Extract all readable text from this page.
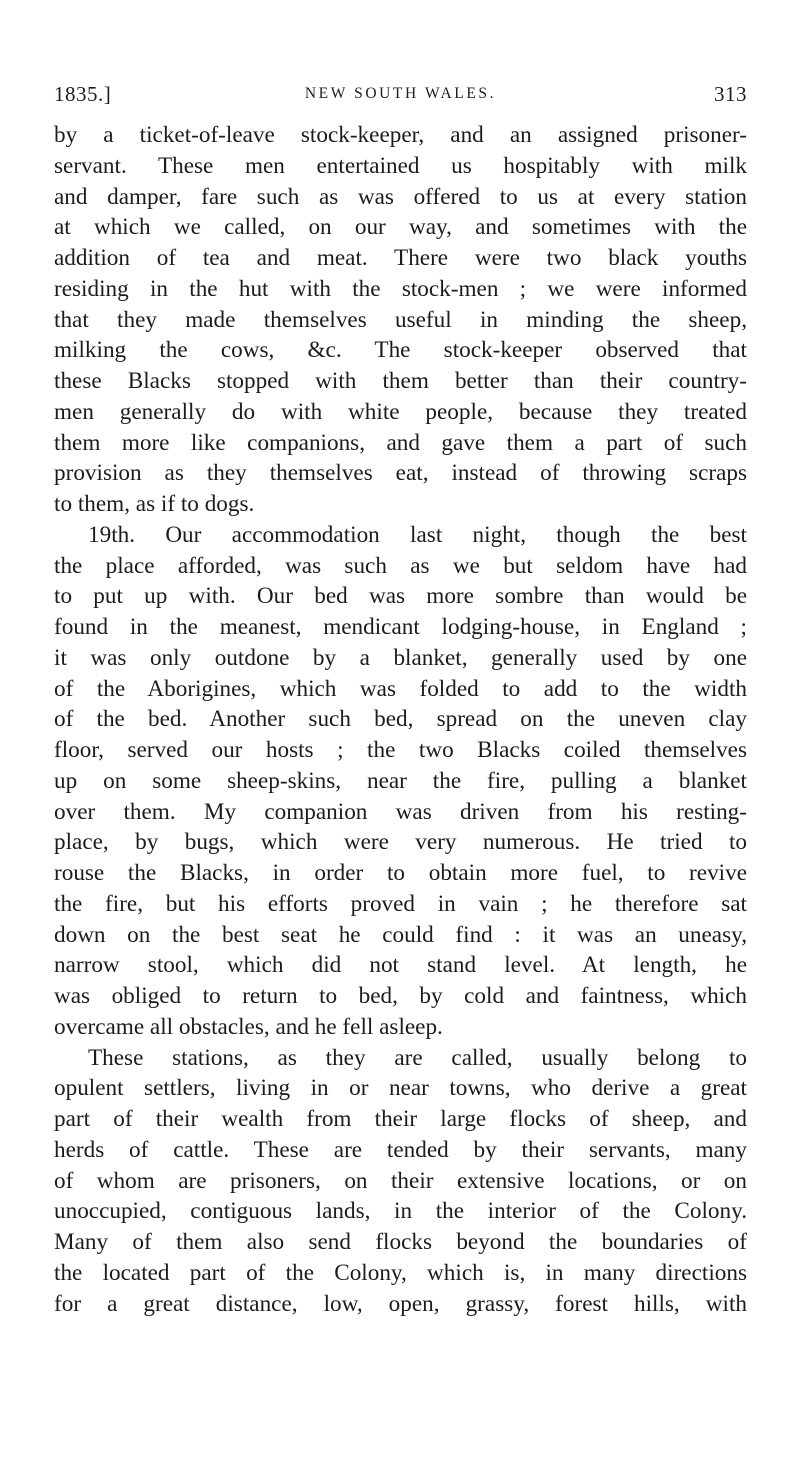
1835.]	NEW SOUTH WALES.	313
by a ticket-of-leave stock-keeper, and an assigned prisoner-
servant. These men entertained us hospitably with milk
and damper, fare such as was offered to us at every station
at which we called, on our way, and sometimes with the
addition of tea and meat. There were two black youths
residing in the hut with the stock-men ; we were informed
that they made themselves useful in minding the sheep,
milking the cows, &c. The stock-keeper observed that
these Blacks stopped with them better than their country-
men generally do with white people, because they treated
them more like companions, and gave them a part of such
provision as they themselves eat, instead of throwing scraps
to them, as if to dogs.
19th. Our accommodation last night, though the best
the place afforded, was such as we but seldom have had
to put up with. Our bed was more sombre than would be
found in the meanest, mendicant lodging-house, in England ;
it was only outdone by a blanket, generally used by one
of the Aborigines, which was folded to add to the width
of the bed. Another such bed, spread on the uneven clay
floor, served our hosts ; the two Blacks coiled themselves
up on some sheep-skins, near the fire, pulling a blanket
over them. My companion was driven from his resting-
place, by bugs, which were very numerous. He tried to
rouse the Blacks, in order to obtain more fuel, to revive
the fire, but his efforts proved in vain ; he therefore sat
down on the best seat he could find : it was an uneasy,
narrow stool, which did not stand level. At length, he
was obliged to return to bed, by cold and faintness, which
overcame all obstacles, and he fell asleep.
These stations, as they are called, usually belong to
opulent settlers, living in or near towns, who derive a great
part of their wealth from their large flocks of sheep, and
herds of cattle. These are tended by their servants, many
of whom are prisoners, on their extensive locations, or on
unoccupied, contiguous lands, in the interior of the Colony.
Many of them also send flocks beyond the boundaries of
the located part of the Colony, which is, in many directions
for a great distance, low, open, grassy, forest hills, with
